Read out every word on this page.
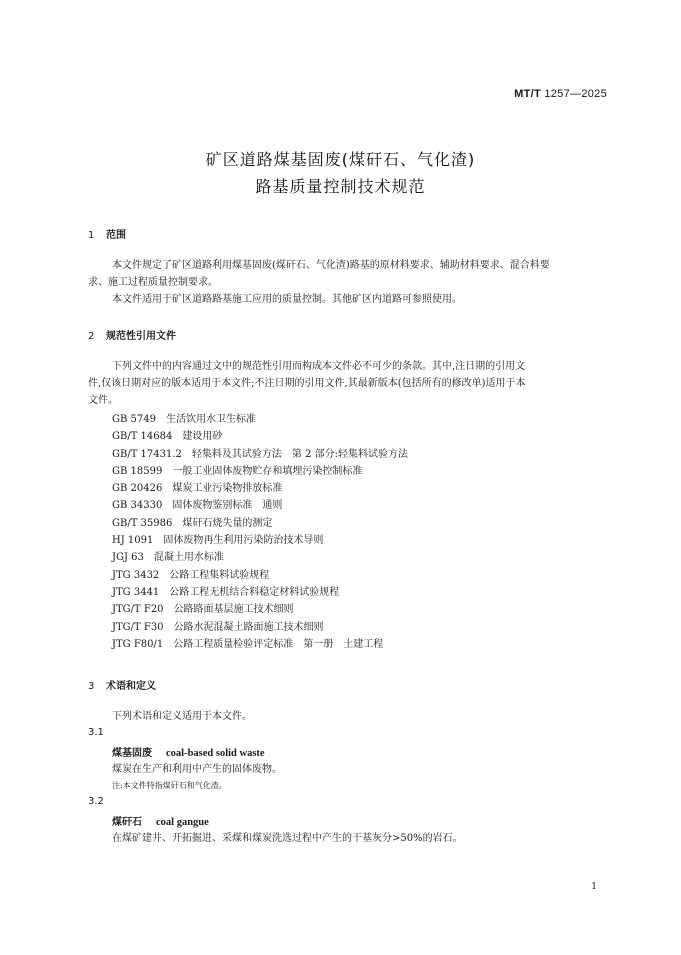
MT/T 1257—2025
矿区道路煤基固废(煤矸石、气化渣)
路基质量控制技术规范
1 范围
本文件规定了矿区道路利用煤基固废(煤矸石、气化渣)路基的原材料要求、辅助材料要求、混合料要
求、施工过程质量控制要求。
本文件适用于矿区道路路基施工应用的质量控制。其他矿区内道路可参照使用。
2 规范性引用文件
下列文件中的内容通过文中的规范性引用而构成本文件必不可少的条款。其中,注日期的引用文
件,仅该日期对应的版本适用于本文件;不注日期的引用文件,其最新版本(包括所有的修改单)适用于本
文件。
GB 5749 生活饮用水卫生标准
GB/T 14684 建设用砂
GB/T 17431.2 轻集料及其试验方法　第 2 部分:轻集料试验方法
GB 18599 一般工业固体废物贮存和填埋污染控制标准
GB 20426 煤炭工业污染物排放标准
GB 34330 固体废物鉴别标准　通则
GB/T 35986 煤矸石烧失量的测定
HJ 1091 固体废物再生利用污染防治技术导则
JGJ 63 混凝土用水标准
JTG 3432 公路工程集料试验规程
JTG 3441 公路工程无机结合料稳定材料试验规程
JTG/T F20 公路路面基层施工技术细则
JTG/T F30 公路水泥混凝土路面施工技术细则
JTG F80/1 公路工程质量检验评定标准　第一册　土建工程
3 术语和定义
下列术语和定义适用于本文件。
3.1
煤基固废 coal-based solid waste
煤炭在生产和利用中产生的固体废物。
注:本文件特指煤矸石和气化渣。
3.2
煤矸石 coal gangue
在煤矿建井、开拓掘进、采煤和煤炭洗选过程中产生的干基灰分>50%的岩石。
1
